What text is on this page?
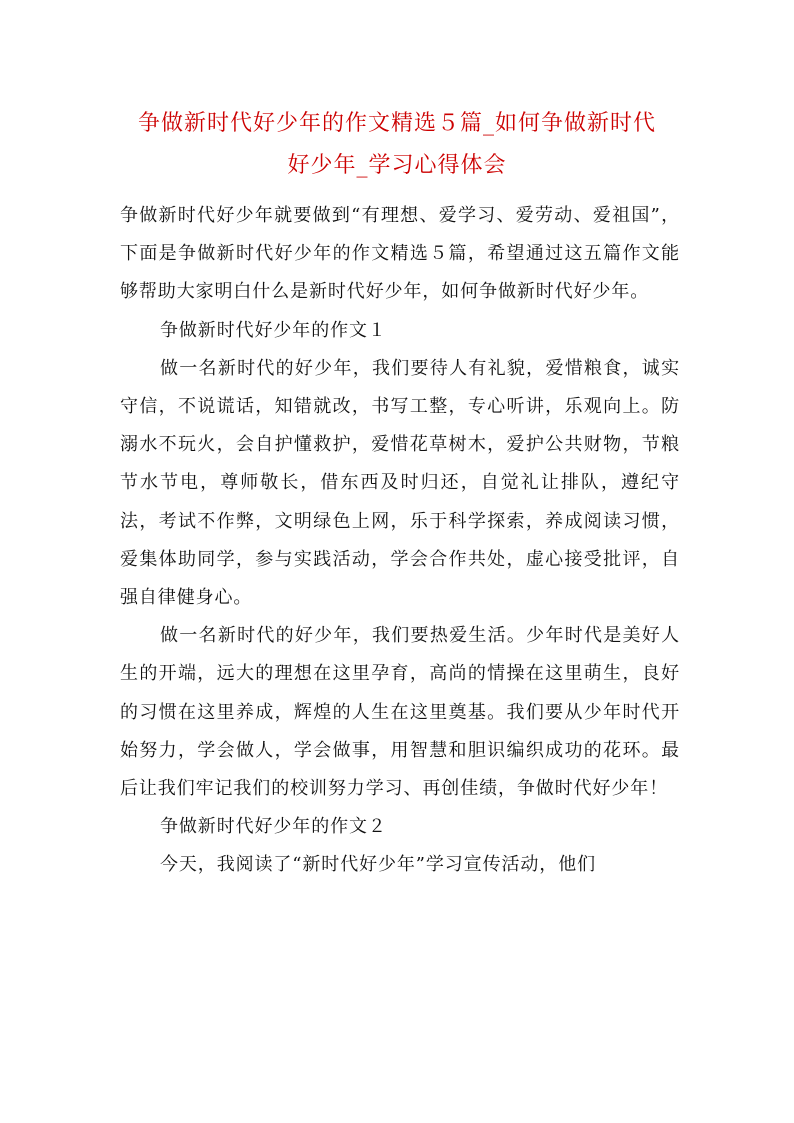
争做新时代好少年的作文精选５篇_如何争做新时代
好少年_学习心得体会

争做新时代好少年就要做到“有理想、爱学习、爱劳动、爱祖国”，下面是争做新时代好少年的作文精选５篇，希望通过这五篇作文能够帮助大家明白什么是新时代好少年，如何争做新时代好少年。

争做新时代好少年的作文１

做一名新时代的好少年，我们要待人有礼貌，爱惜粮食，诚实守信，不说谎话，知错就改，书写工整，专心听讲，乐观向上。防溺水不玩火，会自护懂救护，爱惜花草树木，爱护公共财物，节粮节水节电，尊师敬长，借东西及时归还，自觉礼让排队，遵纪守法，考试不作弊，文明绿色上网，乐于科学探索，养成阅读习惯，爱集体助同学，参与实践活动，学会合作共处，虚心接受批评，自强自律健身心。

做一名新时代的好少年，我们要热爱生活。少年时代是美好人生的开端，远大的理想在这里孕育，高尚的情操在这里萌生，良好的习惯在这里养成，辉煌的人生在这里奠基。我们要从少年时代开始努力，学会做人，学会做事，用智慧和胆识编织成功的花环。最后让我们牢记我们的校训努力学习、再创佳绩，争做时代好少年！

争做新时代好少年的作文２

今天，我阅读了“新时代好少年”学习宣传活动，他们
